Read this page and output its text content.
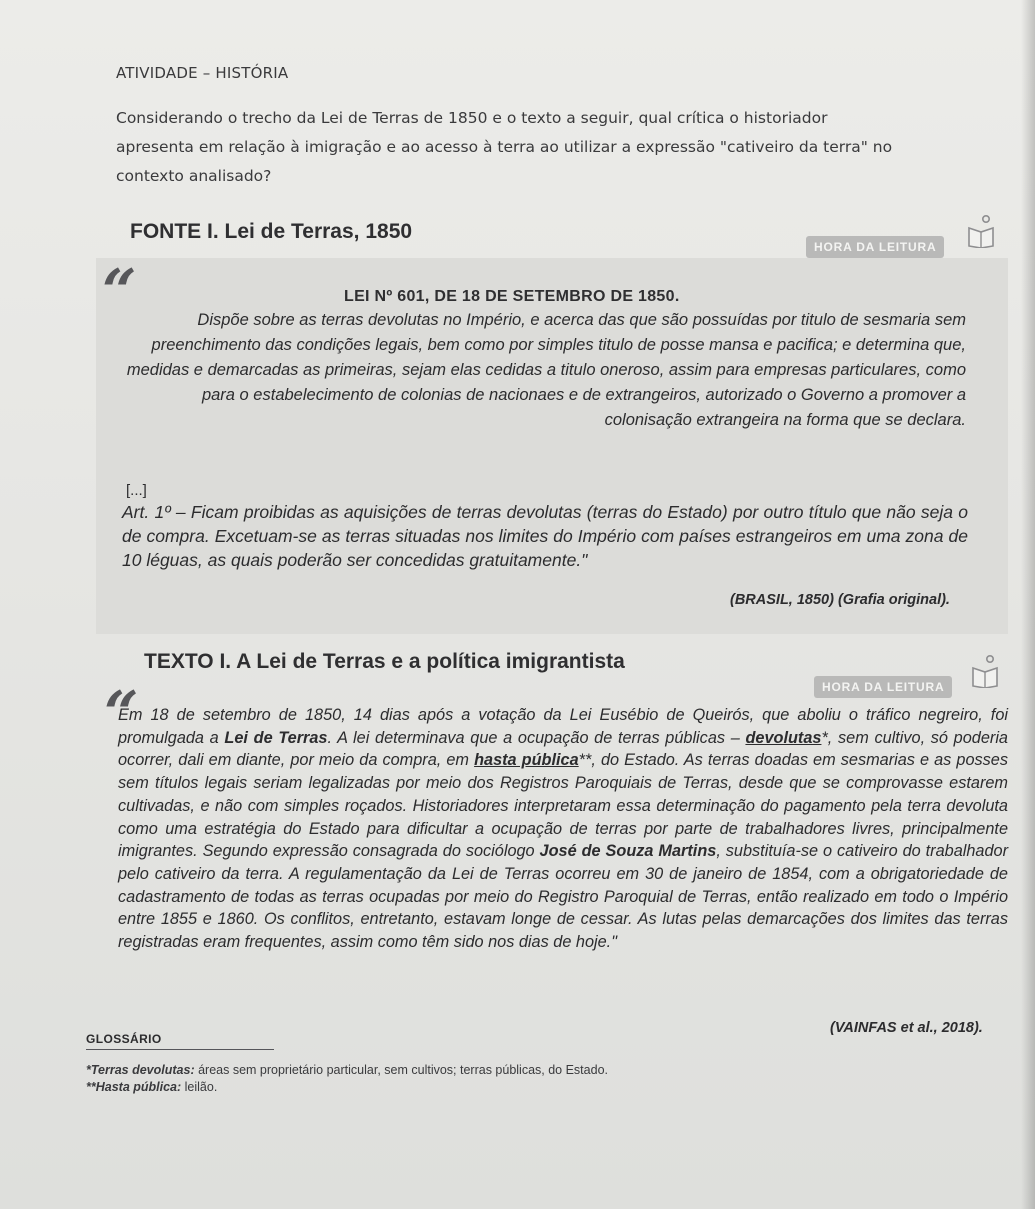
ATIVIDADE – HISTÓRIA
Considerando o trecho da Lei de Terras de 1850 e o texto a seguir, qual crítica o historiador apresenta em relação à imigração e ao acesso à terra ao utilizar a expressão "cativeiro da terra" no contexto analisado?
FONTE I. Lei de Terras, 1850
HORA DA LEITURA
“	LEI Nº 601, DE 18 DE SETEMBRO DE 1850.
Dispõe sobre as terras devolutas no Império, e acerca das que são possuídas por titulo de sesmaria sem preenchimento das condições legais, bem como por simples titulo de posse mansa e pacifica; e determina que, medidas e demarcadas as primeiras, sejam elas cedidas a titulo oneroso, assim para empresas particulares, como para o estabelecimento de colonias de nacionaes e de extrangeiros, autorizado o Governo a promover a colonisação extrangeira na forma que se declara.
[...]

Art. 1º – Ficam proibidas as aquisições de terras devolutas (terras do Estado) por outro título que não seja o de compra. Excetuam-se as terras situadas nos limites do Império com países estrangeiros em uma zona de 10 léguas, as quais poderão ser concedidas gratuitamente."

(BRASIL, 1850) (Grafia original).
TEXTO I. A Lei de Terras e a política imigrantista
HORA DA LEITURA
“

Em 18 de setembro de 1850, 14 dias após a votação da Lei Eusébio de Queirós, que aboliu o tráfico negreiro, foi promulgada a Lei de Terras. A lei determinava que a ocupação de terras públicas – devolutas*, sem cultivo, só poderia ocorrer, dali em diante, por meio da compra, em hasta pública**, do Estado. As terras doadas em sesmarias e as posses sem títulos legais seriam legalizadas por meio dos Registros Paroquiais de Terras, desde que se comprovasse estarem cultivadas, e não com simples roçados. Historiadores interpretaram essa determinação do pagamento pela terra devoluta como uma estratégia do Estado para dificultar a ocupação de terras por parte de trabalhadores livres, principalmente imigrantes. Segundo expressão consagrada do sociólogo José de Souza Martins, substituía-se o cativeiro do trabalhador pelo cativeiro da terra. A regulamentação da Lei de Terras ocorreu em 30 de janeiro de 1854, com a obrigatoriedade de cadastramento de todas as terras ocupadas por meio do Registro Paroquial de Terras, então realizado em todo o Império entre 1855 e 1860. Os conflitos, entretanto, estavam longe de cessar. As lutas pelas demarcações dos limites das terras registradas eram frequentes, assim como têm sido nos dias de hoje."

(VAINFAS et al., 2018).
GLOSSÁRIO
*Terras devolutas: áreas sem proprietário particular, sem cultivos; terras públicas, do Estado.
**Hasta pública: leilão.
